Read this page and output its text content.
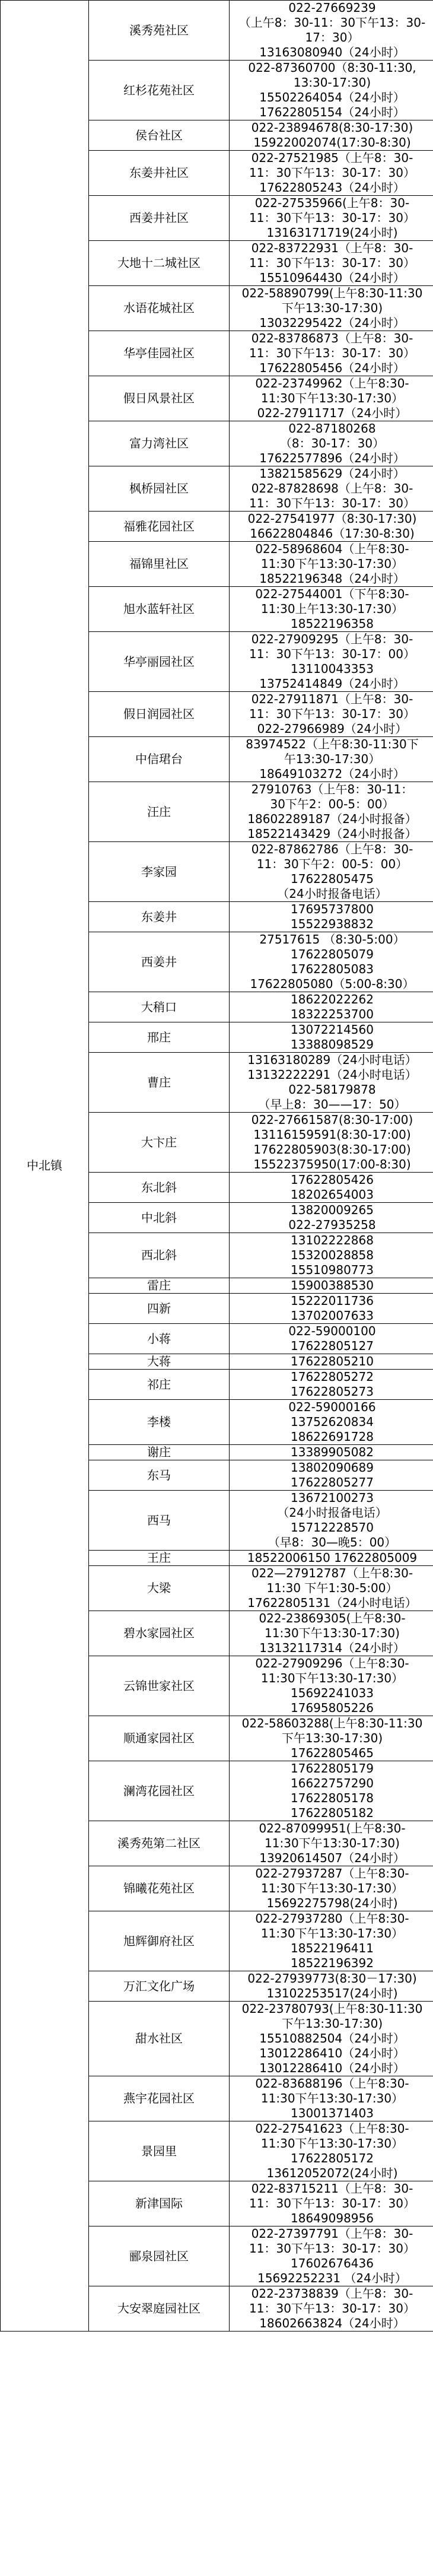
中北镇	溪秀苑社区	022-27669239
（上午8：30-11：30下午13：30-
17：30）
13163080940（24小时）

	红杉花苑社区	022-87360700（8:30-11:30,
13:30-17:30)
15502264054（24小时）
17622805154（24小时）

	侯台社区	022-23894678(8:30-17:30)
15922002074(17:30-8:30)

	东姜井社区	022-27521985（上午8：30-
11：30下午13：30-17：30）
17622805243（24小时）

	西姜井社区	022-27535966(上午8：30-
11：30下午13：30-17：30）
13163171719(24小时)

	大地十二城社区	022-83722931（上午8：30-
11：30下午13：30-17：30）
15510964430（24小时）

	水语花城社区	022-58890799(上午8:30-11:30
下午13:30-17:30)
13032295422（24小时）

	华亭佳园社区	022-83786873（上午8：30-
11：30下午13：30-17：30）
17622805456（24小时）

	假日风景社区	022-23749962（上午8:30-
11:30下午13:30-17:30）
022-27911717（24小时）

	富力湾社区	022-87180268
（8：30-17：30）
17622577896（24小时）

	枫桥园社区	13821585629（24小时）
022-87828698（上午8：30-
11：30下午13：30-17：30）

	福雅花园社区	022-27541977（8:30-17:30)
16622804846（17:30-8:30)

	福锦里社区	022-58968604（上午8:30-
11:30下午13:30-17:30）
18522196348（24小时）

	旭水蓝轩社区	022-27544001（下午8:30-
11:30上午13:30-17:30）
18522196358

	华亭丽园社区	022-27909295（上午8：30-
11：30下午13：30-17：00）
13110043353
13752414849（24小时）

	假日润园社区	022-27911871（上午8：30-
11：30下午13：30-17：30）
022-27966989（24小时）

	中信珺台	83974522（上午8:30-11:30下
午13:30-17:30）
18649103272（24小时）

	汪庄	27910763（上午8：30-11：
30下午2：00-5：00）
18602289187（24小时报备）
18522143429（24小时报备）

	李家园	022-87862786（上午8：30-
11：30下午2：00-5：00）
17622805475
（24小时报备电话）

	东姜井	17695737800
15522938832

	西姜井	27517615 （8:30-5:00）
17622805079
17622805083
17622805080（5:00-8:30）

	大稍口	18622022262
18322253700

	邢庄	13072214560
13388098529

	曹庄	13163180289（24小时电话）
13132222291（24小时电话）
022-58179878
（早上8：30——17：50）

	大卞庄	022-27661587(8:30-17:00)
13116159591(8:30-17:00)
17622805903(8:30-17:00)
15522375950(17:00-8:30)

	东北斜	17622805426
18202654003

	中北斜	13820009265
022-27935258

	西北斜	13102222868
15320028858
15510980773

	雷庄	15900388530

	四新	15222011736
13702007633

	小蒋	022-59000100
17622805127

	大蒋	17622805210

	祁庄	17622805272
17622805273

	李楼	022-59000166
13752620834
18622691728

	谢庄	13389905082

	东马	13802090689
17622805277

	西马	13672100273
（24小时报备电话）
15712228570
（早8：30—晚5：00）

	王庄	18522006150 17622805009

	大梁	022—27912787（上午8:30-
11:30 下午1:30-5:00）
17622805131（24小时电话）

	碧水家园社区	022-23869305(上午8:30-
11:30下午13:30-17:30)
13132117314（24小时）

	云锦世家社区	022-27909296（上午8:30-
11:30下午13:30-17:30）
15692241033
17695805226

	顺通家园社区	022-58603288(上午8:30-11:30
下午13:30-17:30)
17622805465

	澜湾花园社区	17622805179
16622757290
17622805178
17622805182

	溪秀苑第二社区	022-87099951(上午8:30-
11:30下午13:30-17:30)
13920614507（24小时）

	锦曦花苑社区	022-27937287（上午8:30-
11:30下午13:30-17:30）
15692275798(24小时)

	旭辉御府社区	022-27937280（上午8:30-
11:30下午13:30-17:30）
18522196411
18522196392

	万汇文化广场	022-27939773(8:30－17:30)
13102253517(24小时)

	甜水社区	022-23780793(上午8:30-11:30
下午13:30-17:30)
15510882504（24小时）
13012286410（24小时）
13012286410（24小时）

	燕宇花园社区	022-83688196（上午8:30-
11:30下午13:30-17:30）
13001371403

	景园里	022-27541623（上午8:30-
11:30下午13:30-17:30）
17622805172
13612052072(24小时)

	新津国际	022-83715211（上午8：30-
11：30下午13：30-17：30）
18649098956

	郦泉园社区	022-27397791（上午8：30-
11：30下午13：30-17：30）
17602676436
15692252231 （24小时）

	大安翠庭园社区	022-23738839（上午8：30-
11：30下午13：30-17：30）
18602663824（24小时）
